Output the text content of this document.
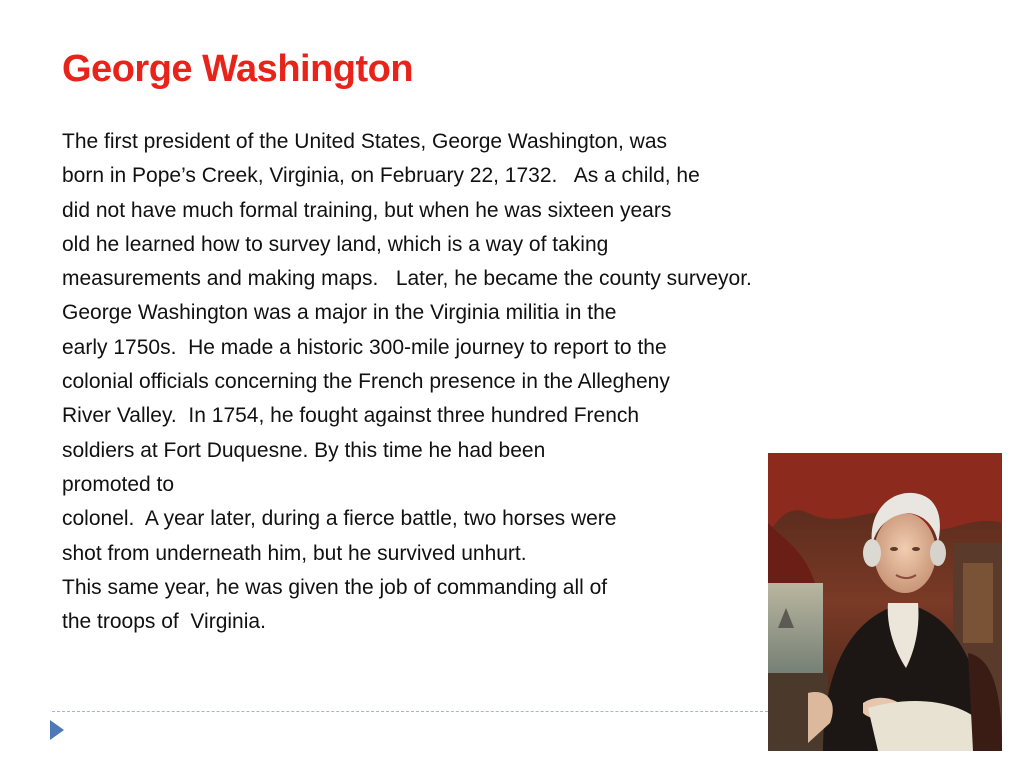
George Washington
The first president of the United States, George Washington, was
born in Pope’s Creek, Virginia, on February 22, 1732.   As a child, he
did not have much formal training, but when he was sixteen years
old he learned how to survey land, which is a way of taking
measurements and making maps.   Later, he became the county surveyor.
George Washington was a major in the Virginia militia in the
early 1750s.  He made a historic 300-mile journey to report to the
colonial officials concerning the French presence in the Allegheny
River Valley.  In 1754, he fought against three hundred French
soldiers at Fort Duquesne. By this time he had been
promoted to
colonel.  A year later, during a fierce battle, two horses were
shot from underneath him, but he survived unhurt.
This same year, he was given the job of commanding all of
the troops of  Virginia.
